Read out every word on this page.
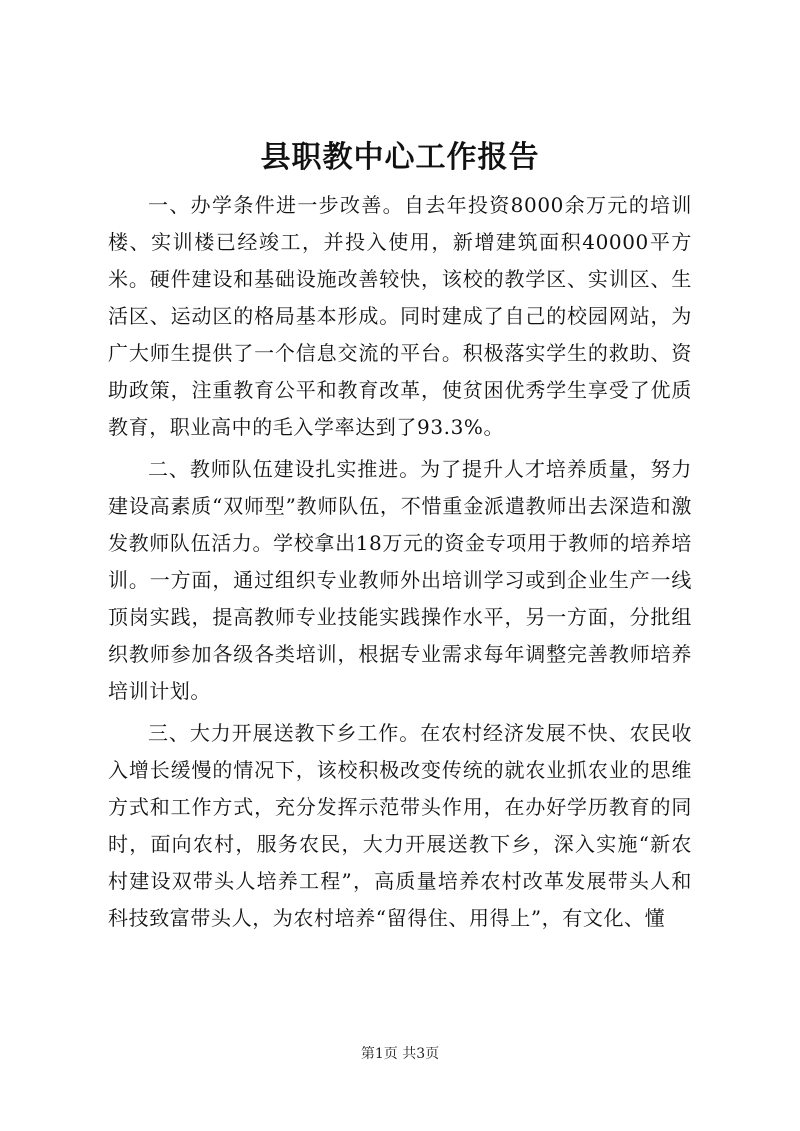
县职教中心工作报告

一、办学条件进一步改善。自去年投资8000余万元的培训楼、实训楼已经竣工，并投入使用，新增建筑面积40000平方米。硬件建设和基础设施改善较快，该校的教学区、实训区、生活区、运动区的格局基本形成。同时建成了自己的校园网站，为广大师生提供了一个信息交流的平台。积极落实学生的救助、资助政策，注重教育公平和教育改革，使贫困优秀学生享受了优质教育，职业高中的毛入学率达到了93.3%。

二、教师队伍建设扎实推进。为了提升人才培养质量，努力建设高素质“双师型”教师队伍，不惜重金派遣教师出去深造和激发教师队伍活力。学校拿出18万元的资金专项用于教师的培养培训。一方面，通过组织专业教师外出培训学习或到企业生产一线顶岗实践，提高教师专业技能实践操作水平，另一方面，分批组织教师参加各级各类培训，根据专业需求每年调整完善教师培养培训计划。

三、大力开展送教下乡工作。在农村经济发展不快、农民收入增长缓慢的情况下，该校积极改变传统的就农业抓农业的思维方式和工作方式，充分发挥示范带头作用，在办好学历教育的同时，面向农村，服务农民，大力开展送教下乡，深入实施“新农村建设双带头人培养工程”，高质量培养农村改革发展带头人和科技致富带头人，为农村培养“留得住、用得上”，有文化、懂

第1页 共3页
